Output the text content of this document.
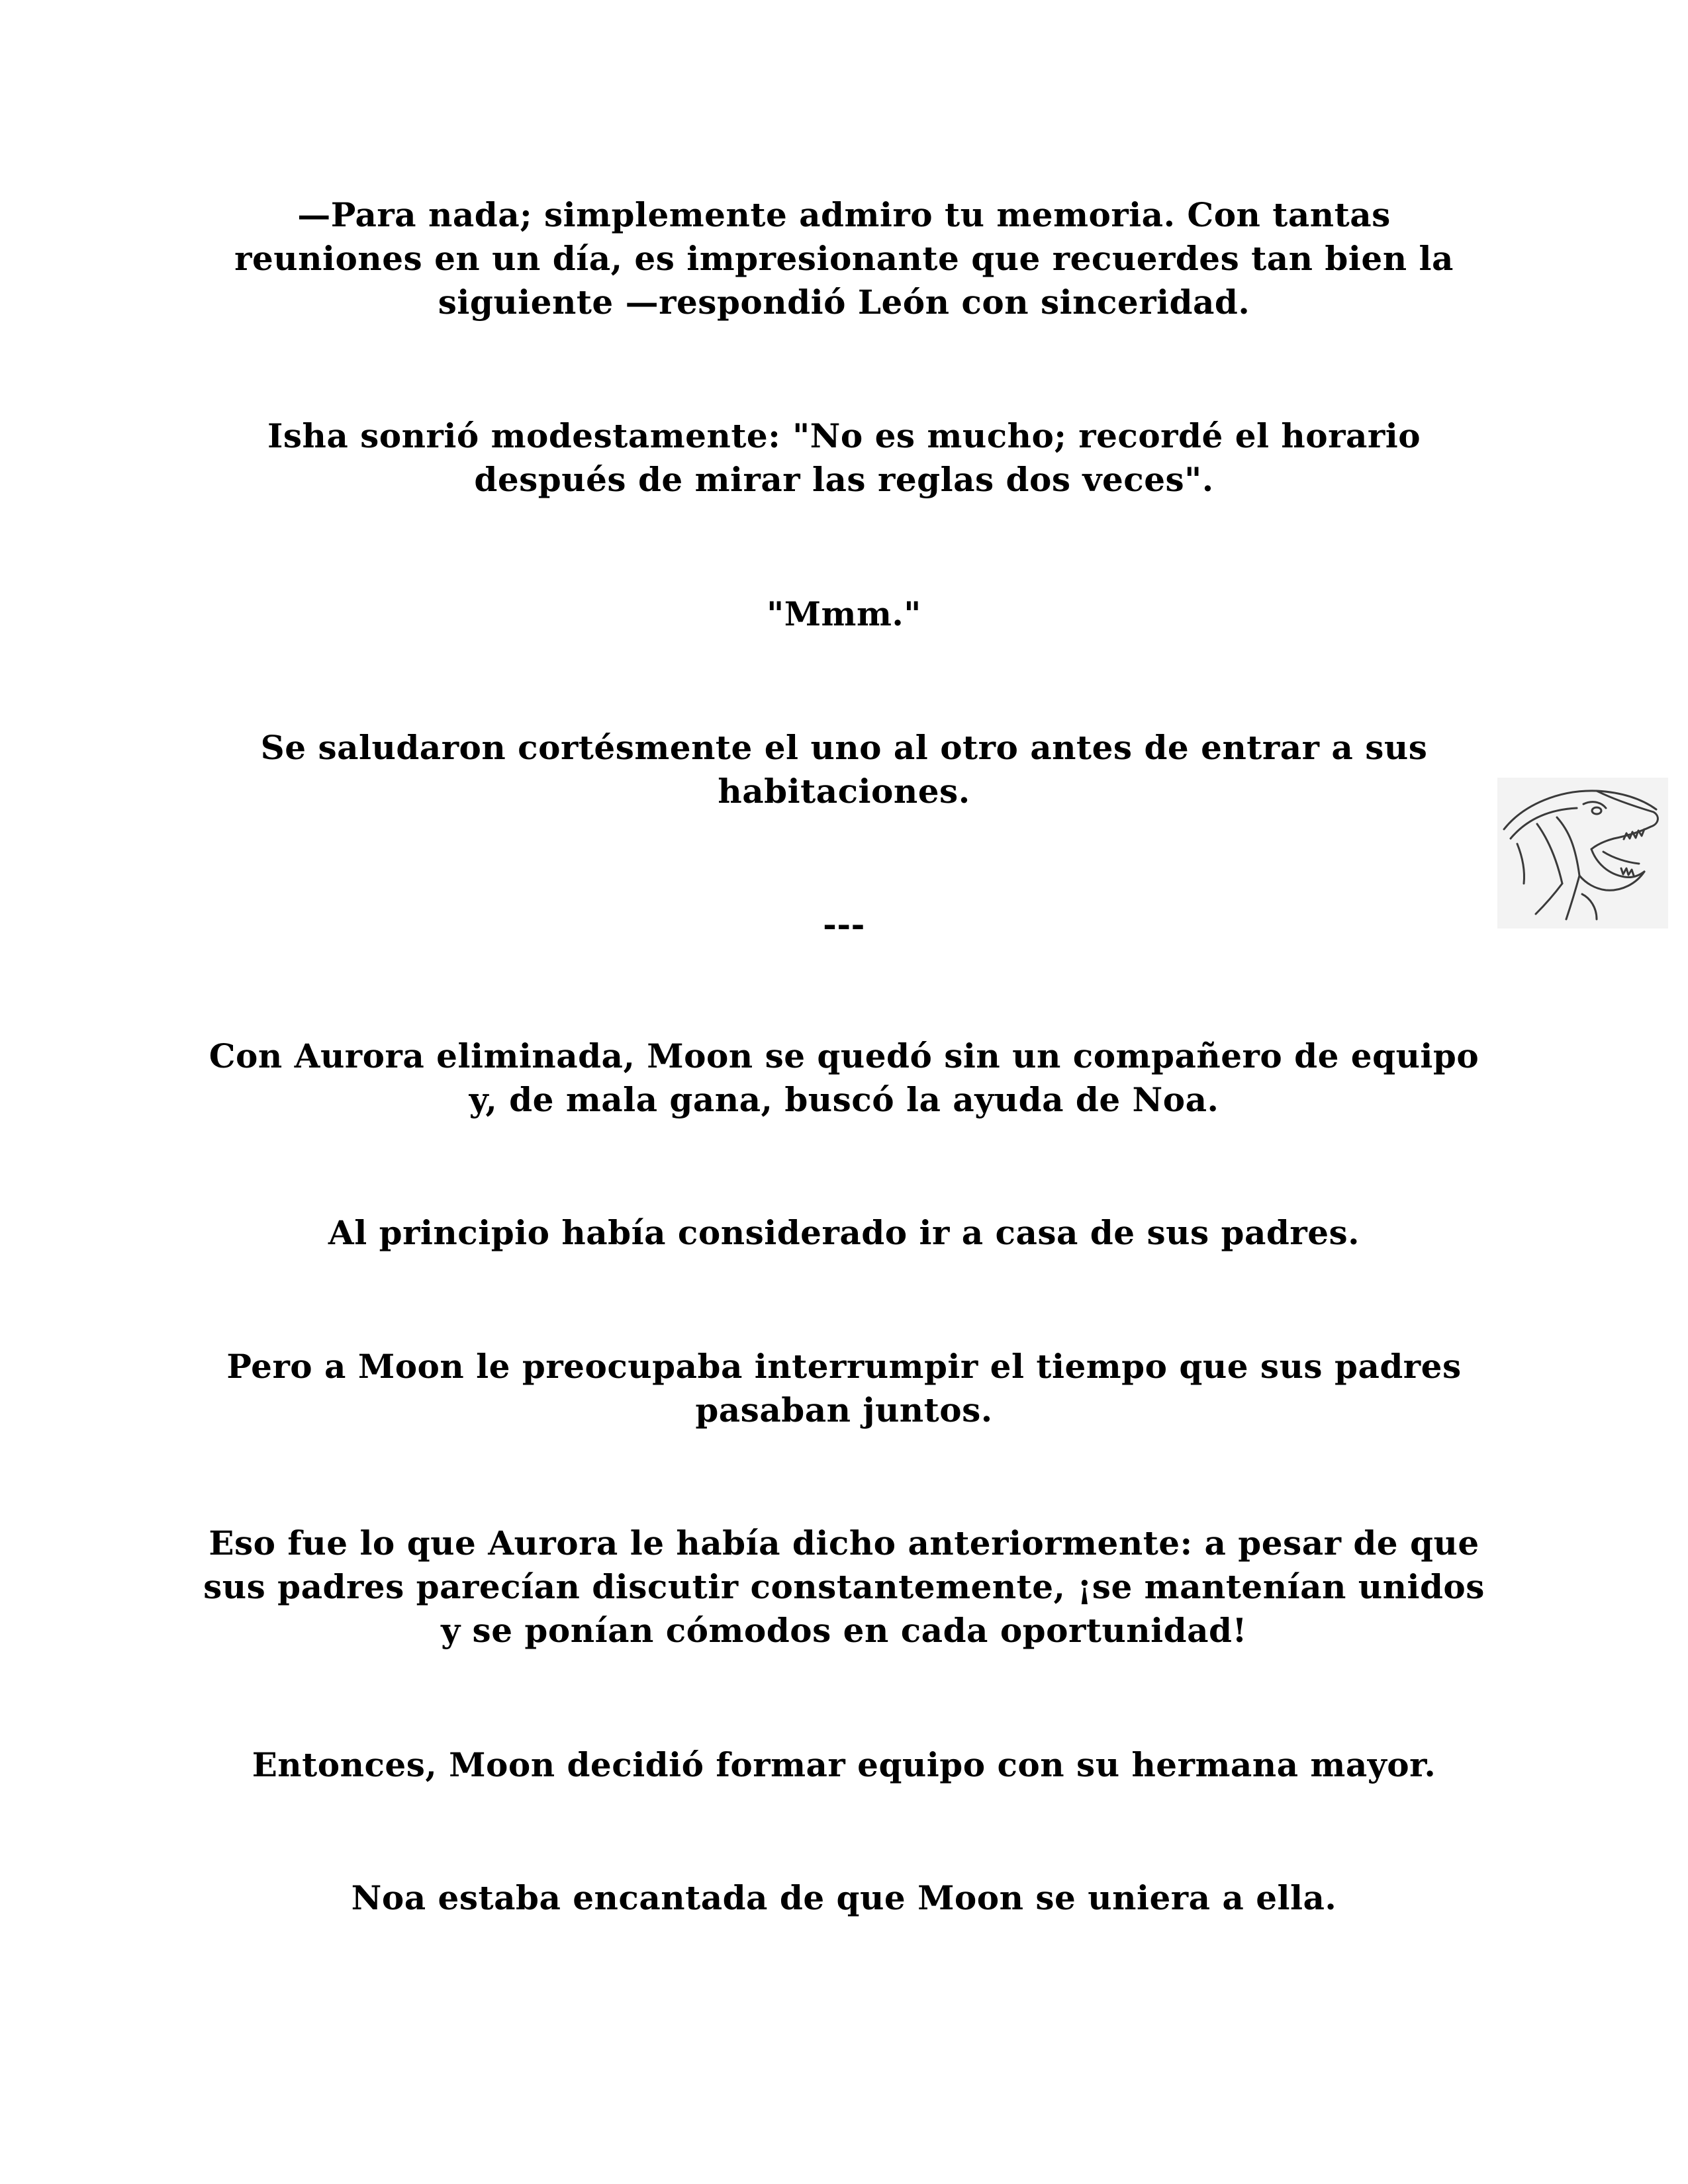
—Para nada; simplemente admiro tu memoria. Con tantas reuniones en un día, es impresionante que recuerdes tan bien la siguiente —respondió León con sinceridad.

Isha sonrió modestamente: "No es mucho; recordé el horario después de mirar las reglas dos veces".

"Mmm."

Se saludaron cortésmente el uno al otro antes de entrar a sus habitaciones.

---

Con Aurora eliminada, Moon se quedó sin un compañero de equipo y, de mala gana, buscó la ayuda de Noa.

Al principio había considerado ir a casa de sus padres.

Pero a Moon le preocupaba interrumpir el tiempo que sus padres pasaban juntos.

Eso fue lo que Aurora le había dicho anteriormente: a pesar de que sus padres parecían discutir constantemente, ¡se mantenían unidos y se ponían cómodos en cada oportunidad!

Entonces, Moon decidió formar equipo con su hermana mayor.

Noa estaba encantada de que Moon se uniera a ella.
